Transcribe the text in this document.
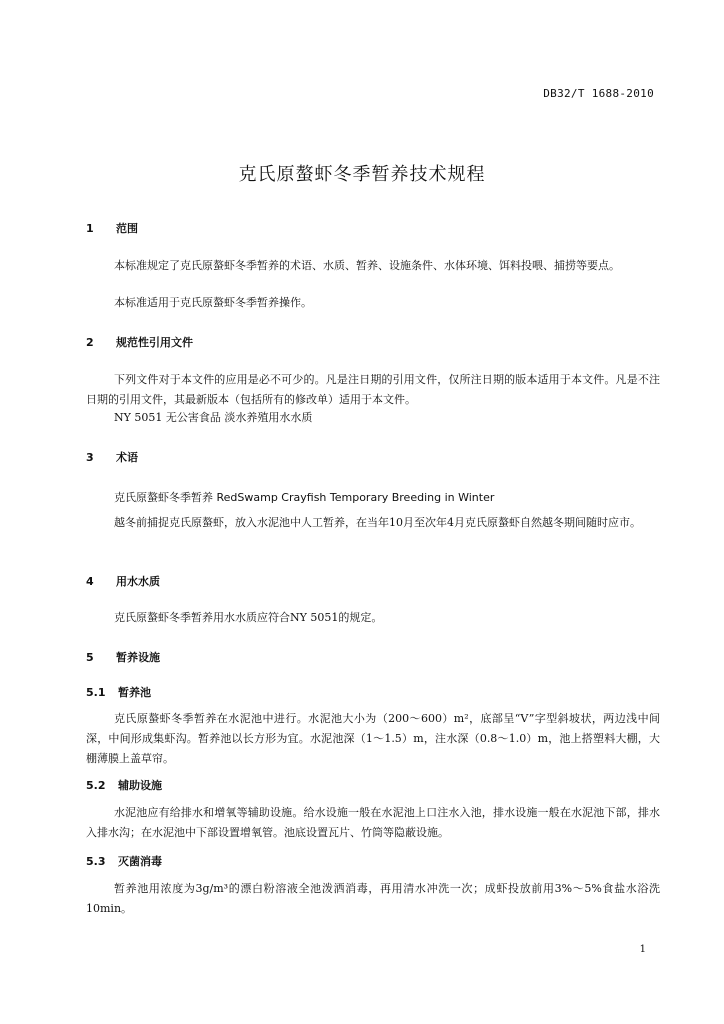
DB32/T 1688-2010
克氏原螯虾冬季暂养技术规程
1 范围
本标准规定了克氏原螯虾冬季暂养的术语、水质、暂养、设施条件、水体环境、饵料投喂、捕捞等要点。
本标准适用于克氏原螯虾冬季暂养操作。
2 规范性引用文件
下列文件对于本文件的应用是必不可少的。凡是注日期的引用文件，仅所注日期的版本适用于本文件。凡是不注日期的引用文件，其最新版本（包括所有的修改单）适用于本文件。
NY 5051 无公害食品 淡水养殖用水水质
3 术语
克氏原螯虾冬季暂养 RedSwamp Crayfish Temporary Breeding in Winter
越冬前捕捉克氏原螯虾，放入水泥池中人工暂养，在当年10月至次年4月克氏原螯虾自然越冬期间随时应市。
4 用水水质
克氏原螯虾冬季暂养用水水质应符合NY 5051的规定。
5 暂养设施
5.1 暂养池
克氏原螯虾冬季暂养在水泥池中进行。水泥池大小为（200～600）m²，底部呈“V”字型斜坡状，两边浅中间深，中间形成集虾沟。暂养池以长方形为宜。水泥池深（1～1.5）m，注水深（0.8～1.0）m，池上搭塑料大棚，大棚薄膜上盖草帘。
5.2 辅助设施
水泥池应有给排水和增氧等辅助设施。给水设施一般在水泥池上口注水入池，排水设施一般在水泥池下部，排水入排水沟；在水泥池中下部设置增氧管。池底设置瓦片、竹筒等隐蔽设施。
5.3 灭菌消毒
暂养池用浓度为3g/m³的漂白粉溶液全池泼洒消毒，再用清水冲洗一次；成虾投放前用3%～5%食盐水浴洗10min。
1
